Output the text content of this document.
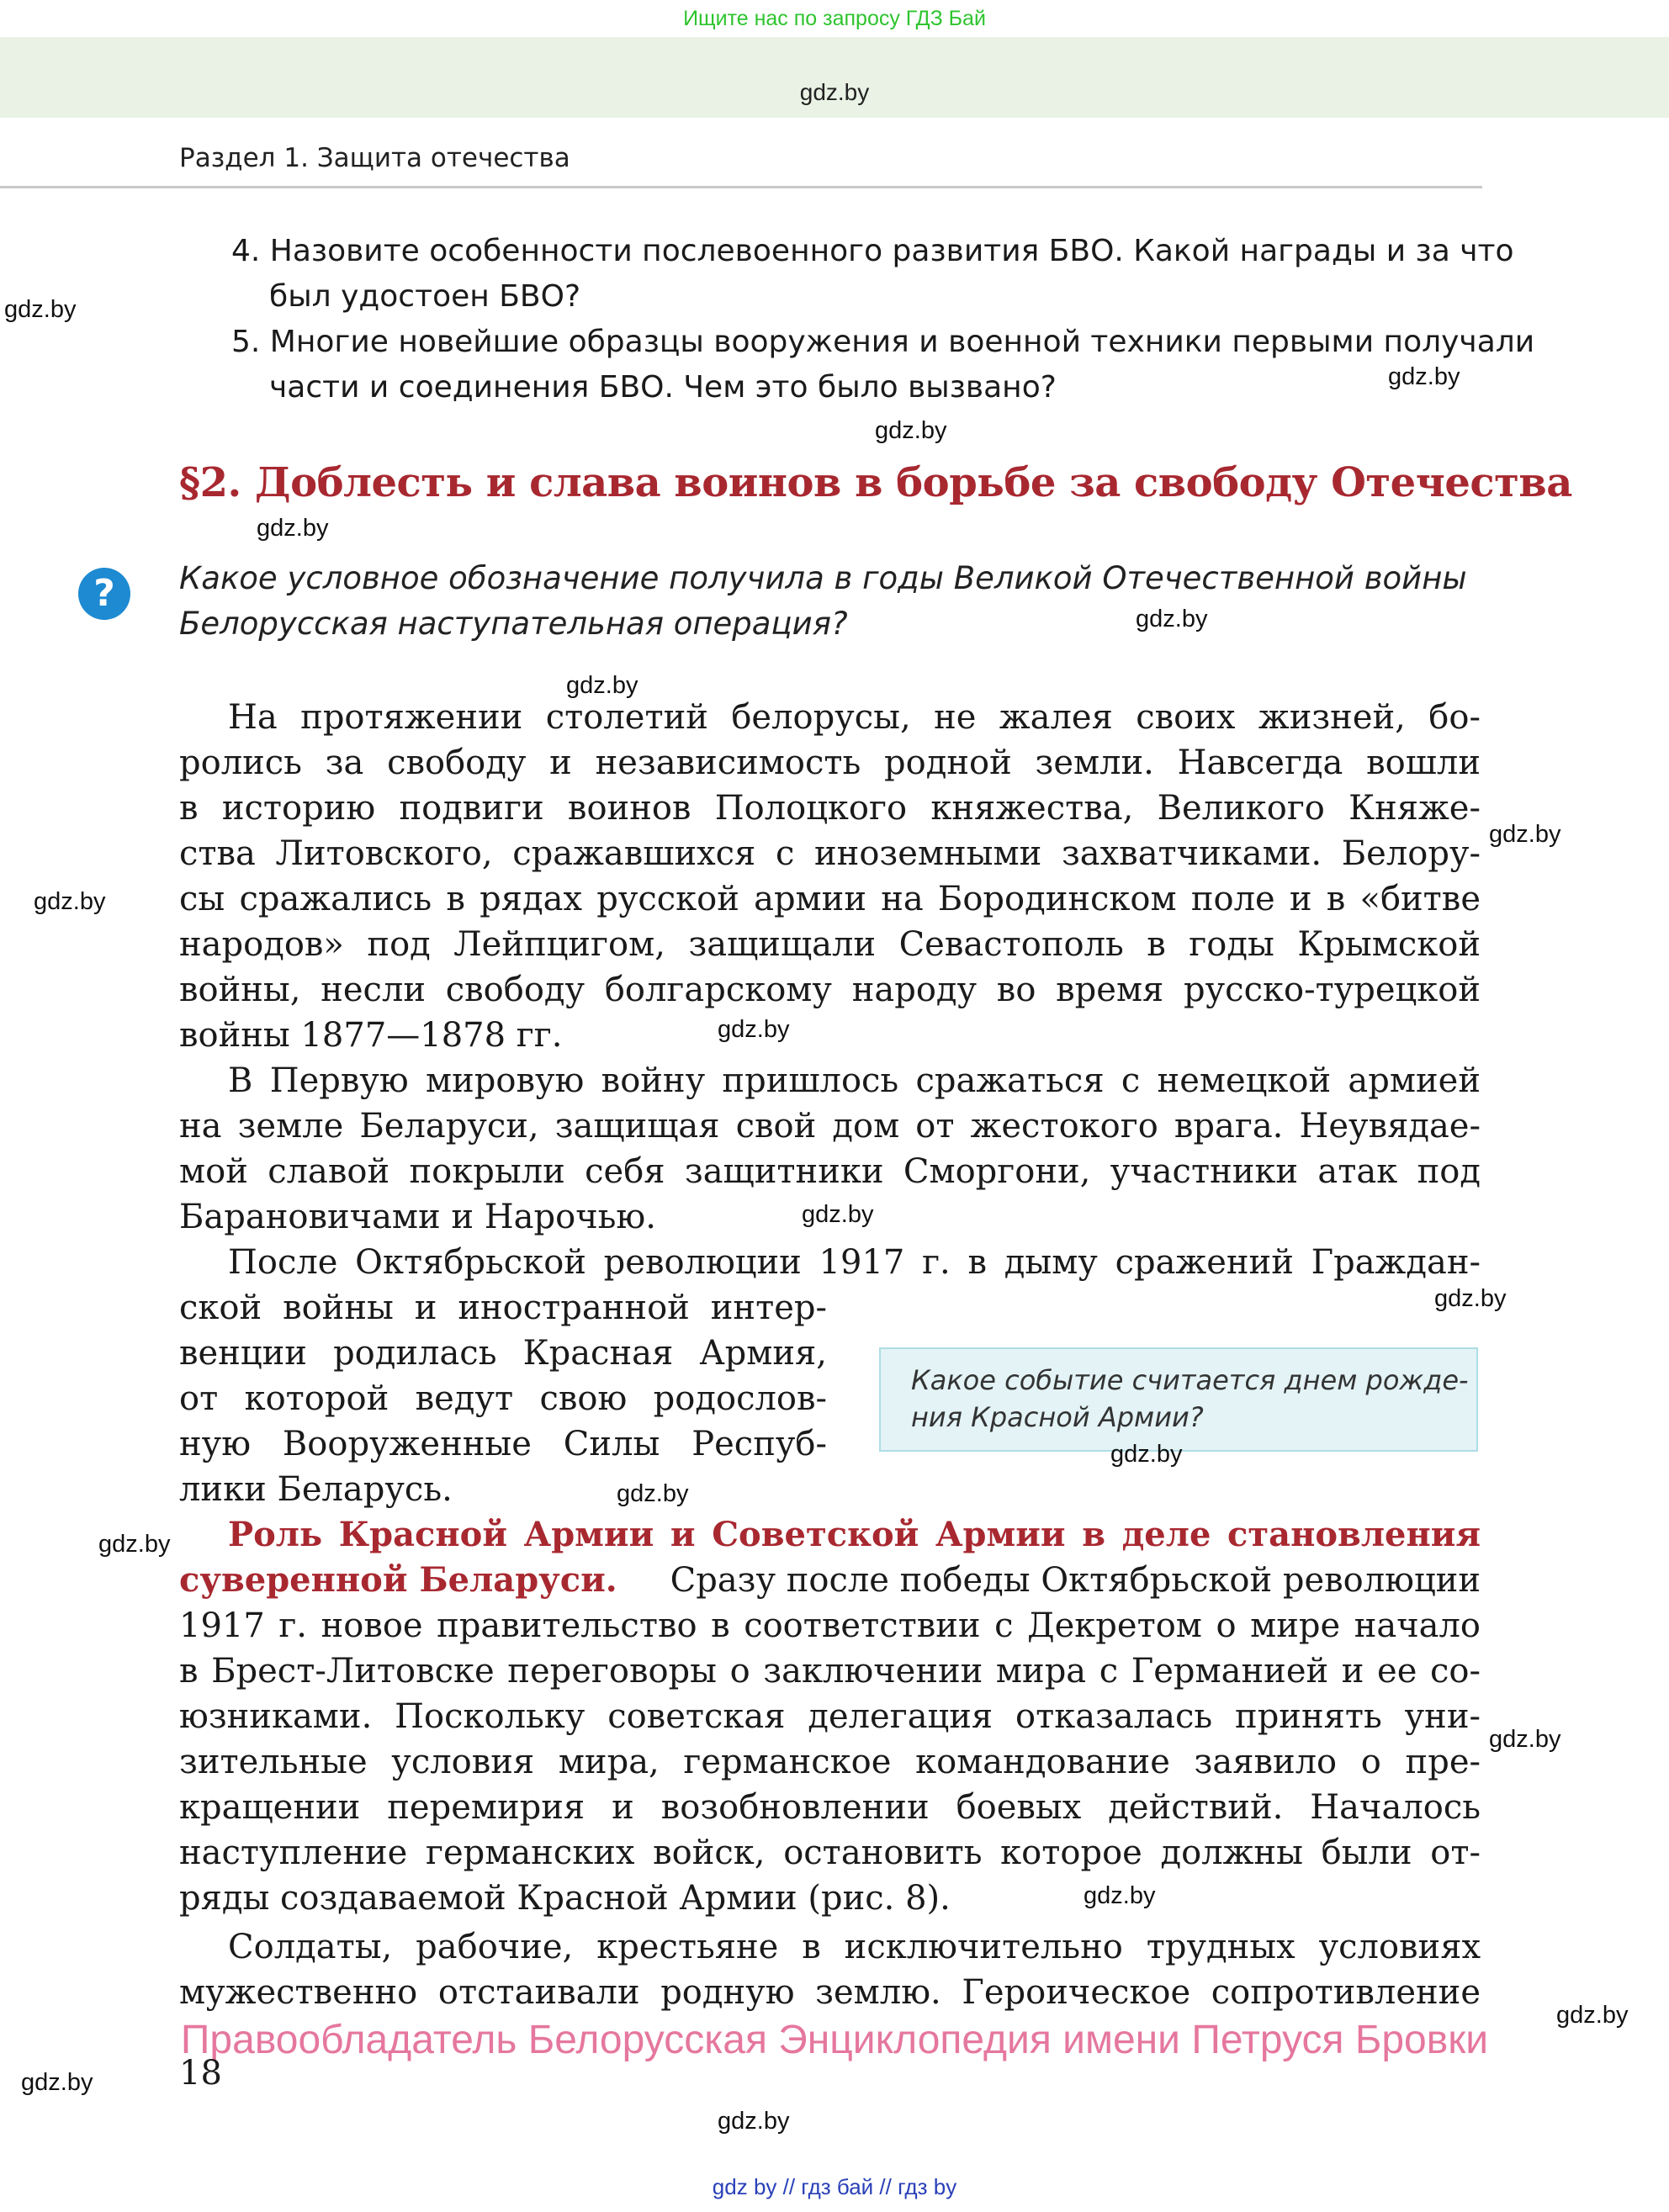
Ищите нас по запросу ГДЗ Бай
gdz.by
Раздел 1. Защита отечества
4. Назовите особенности послевоенного развития БВО. Какой награды и за что
был удостоен БВО?
5. Многие новейшие образцы вооружения и военной техники первыми получали
части и соединения БВО. Чем это было вызвано?
§2. Доблесть и слава воинов в борьбе за свободу Отечества
?	Какое условное обозначение получила в годы Великой Отечественной войны
Белорусская наступательная операция?
На протяжении столетий белорусы, не жалея своих жизней, бо-
ролись за свободу и независимость родной земли. Навсегда вошли
в историю подвиги воинов Полоцкого княжества, Великого Княже-
ства Литовского, сражавшихся с иноземными захватчиками. Белору-
сы сражались в рядах русской армии на Бородинском поле и в «битве
народов» под Лейпцигом, защищали Севастополь в годы Крымской
войны, несли свободу болгарскому народу во время русско-турецкой
войны 1877—1878 гг.
В Первую мировую войну пришлось сражаться с немецкой армией
на земле Беларуси, защищая свой дом от жестокого врага. Неувядае-
мой славой покрыли себя защитники Сморгони, участники атак под
Барановичами и Нарочью.
После Октябрьской революции 1917 г. в дыму сражений Граждан-
ской войны и иностранной интер-
венции родилась Красная Армия,
от которой ведут свою родослов-
ную Вооруженные Силы Респуб-
лики Беларусь.
Какое событие считается днем рожде-
ния Красной Армии?
Роль Красной Армии и Советской Армии в деле становления
суверенной Беларуси.	Сразу после победы Октябрьской революции
1917 г. новое правительство в соответствии с Декретом о мире начало
в Брест-Литовске переговоры о заключении мира с Германией и ее со-
юзниками. Поскольку советская делегация отказалась принять уни-
зительные условия мира, германское командование заявило о пре-
кращении перемирия и возобновлении боевых действий. Началось
наступление германских войск, остановить которое должны были от-
ряды создаваемой Красной Армии (рис. 8).
Солдаты, рабочие, крестьяне в исключительно трудных условиях
мужественно отстаивали родную землю. Героическое сопротивление
Правообладатель Белорусская Энциклопедия имени Петруся Бровки
18
gdz.by
gdz.by
gdz.by
gdz.by
gdz.by
gdz.by
gdz.by
gdz.by
gdz.by
gdz.by
gdz.by
gdz.by
gdz.by
gdz.by
gdz.by
gdz.by
gdz.by
gdz.by
gdz.by
gdz by // гдз бай // гдз by
